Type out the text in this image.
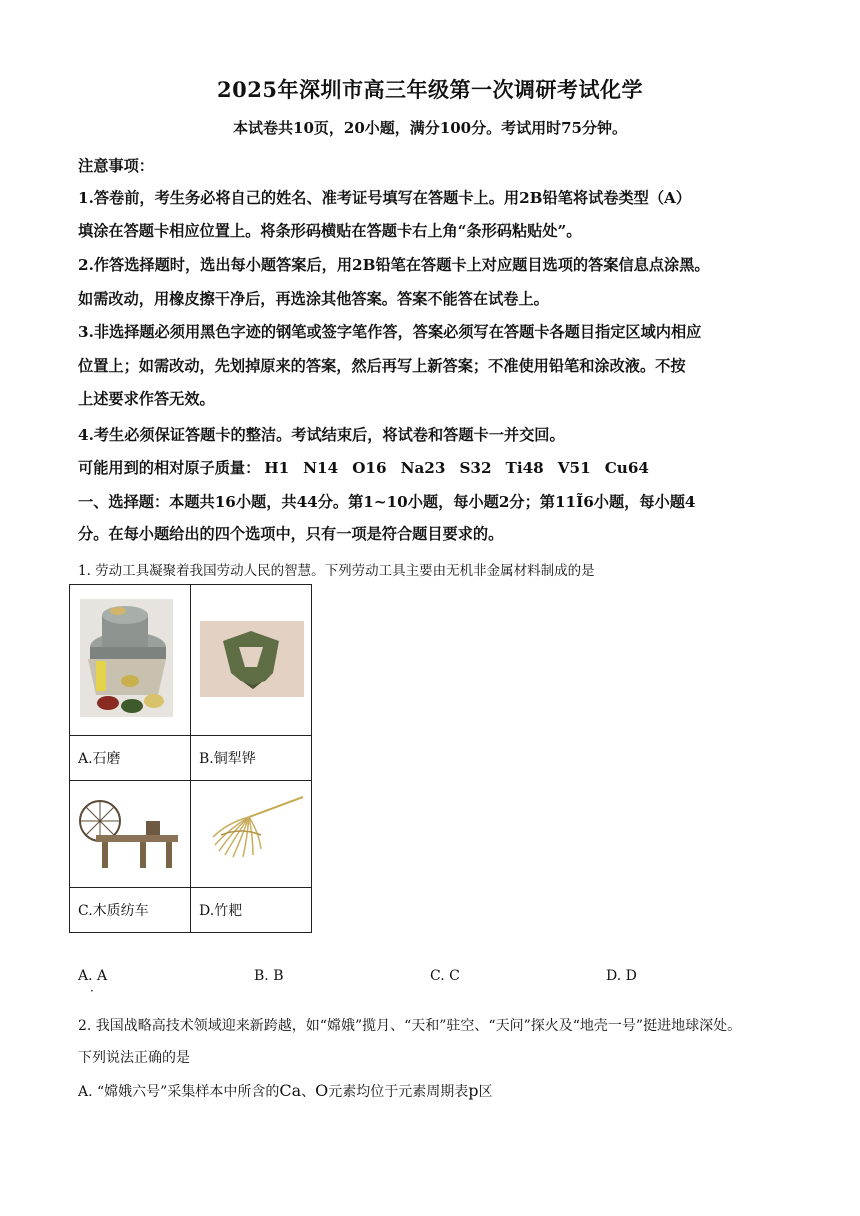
2025年深圳市高三年级第一次调研考试化学
本试卷共10页，20小题，满分100分。考试用时75分钟。
注意事项：
1.答卷前，考生务必将自己的姓名、准考证号填写在答题卡上。用2B铅笔将试卷类型（A）
填涂在答题卡相应位置上。将条形码横贴在答题卡右上角“条形码粘贴处”。
2.作答选择题时，选出每小题答案后，用2B铅笔在答题卡上对应题目选项的答案信息点涂黑。
如需改动，用橡皮擦干净后，再选涂其他答案。答案不能答在试卷上。
3.非选择题必须用黑色字迹的钢笔或签字笔作答，答案必须写在答题卡各题目指定区域内相应
位置上；如需改动，先划掉原来的答案，然后再写上新答案；不准使用铅笔和涂改液。不按
上述要求作答无效。
4.考生必须保证答题卡的整洁。考试结束后，将试卷和答题卡一并交回。
可能用到的相对原子质量： H1 N14 O16 Na23 S32 Ti48 V51 Cu64
一、选择题：本题共16小题，共44分。第1~10小题，每小题2分；第11Ĩ6小题，每小题4
分。在每小题给出的四个选项中，只有一项是符合题目要求的。
1. 劳动工具凝聚着我国劳动人民的智慧。下列劳动工具主要由无机非金属材料制成的是

A.石磨	B.铜犁铧

C.木质纺车	D.竹耙
A. A
·
B. B	C. C	D. D
2. 我国战略高技术领域迎来新跨越，如“嫦娥”揽月、“天和”驻空、“天问”探火及“地壳一号”挺进地球深处。
下列说法正确的是
A. “嫦娥六号”采集样本中所含的Ca、O元素均位于元素周期表p区
